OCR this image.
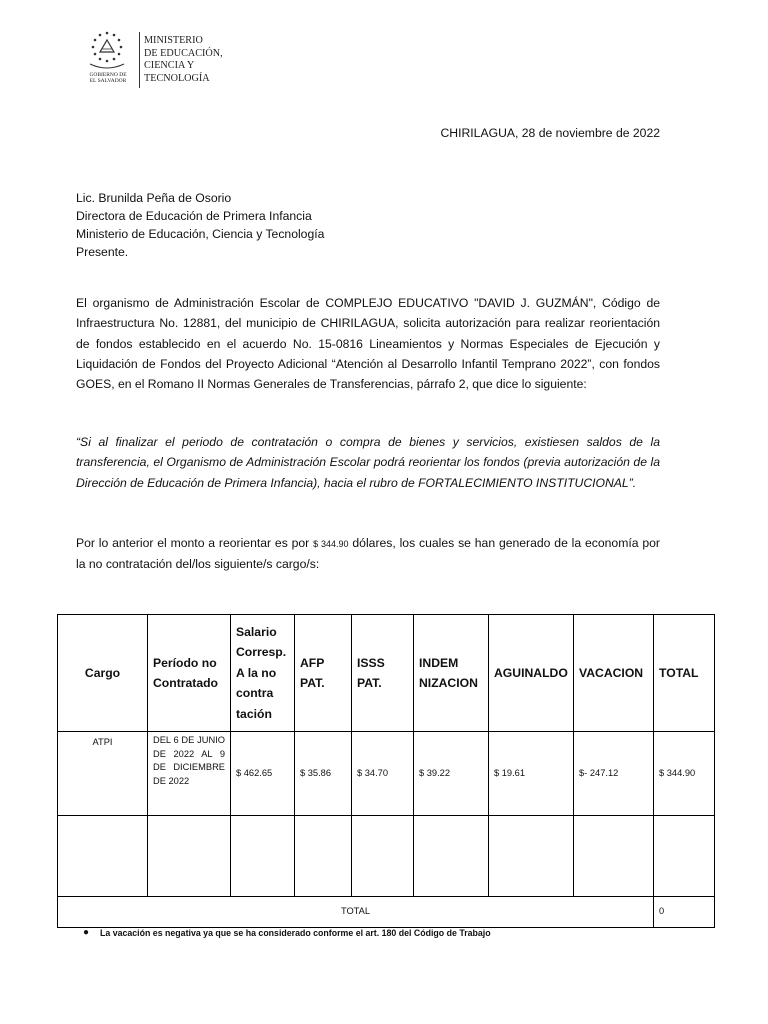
GOBIERNO DE
EL SALVADOR
MINISTERIO
DE EDUCACIÓN,
CIENCIA Y
TECNOLOGÍA
CHIRILAGUA, 28 de noviembre de 2022
Lic. Brunilda Peña de Osorio
Directora de Educación de Primera Infancia
Ministerio de Educación, Ciencia y Tecnología
Presente.
El organismo de Administración Escolar de COMPLEJO EDUCATIVO "DAVID J. GUZMÁN", Código de Infraestructura No. 12881, del municipio de CHIRILAGUA, solicita autorización para realizar reorientación de fondos establecido en el acuerdo No. 15-0816 Lineamientos y Normas Especiales de Ejecución y Liquidación de Fondos del Proyecto Adicional “Atención al Desarrollo Infantil Temprano 2022”, con fondos GOES, en el Romano II Normas Generales de Transferencias, párrafo 2, que dice lo siguiente:
“Si al finalizar el periodo de contratación o compra de bienes y servicios, existiesen saldos de la transferencia, el Organismo de Administración Escolar podrá reorientar los fondos (previa autorización de la Dirección de Educación de Primera Infancia), hacia el rubro de FORTALECIMIENTO INSTITUCIONAL”.
Por lo anterior el monto a reorientar es por $ 344.90 dólares, los cuales se han generado de la economía por la no contratación del/los siguiente/s cargo/s:
Cargo	Período no Contratado	Salario Corresp. A la no contra tación	AFP PAT.	ISSS PAT.	INDEM NIZACION	AGUINALDO	VACACION	TOTAL
ATPI	DEL 6 DE JUNIO DE 2022 AL 9 DE DICIEMBRE DE 2022	$ 462.65	$ 35.86	$ 34.70	$ 39.22	$ 19.61	$- 247.12	$ 344.90

TOTAL								0
● La vacación es negativa ya que se ha considerado conforme el art. 180 del Código de Trabajo
